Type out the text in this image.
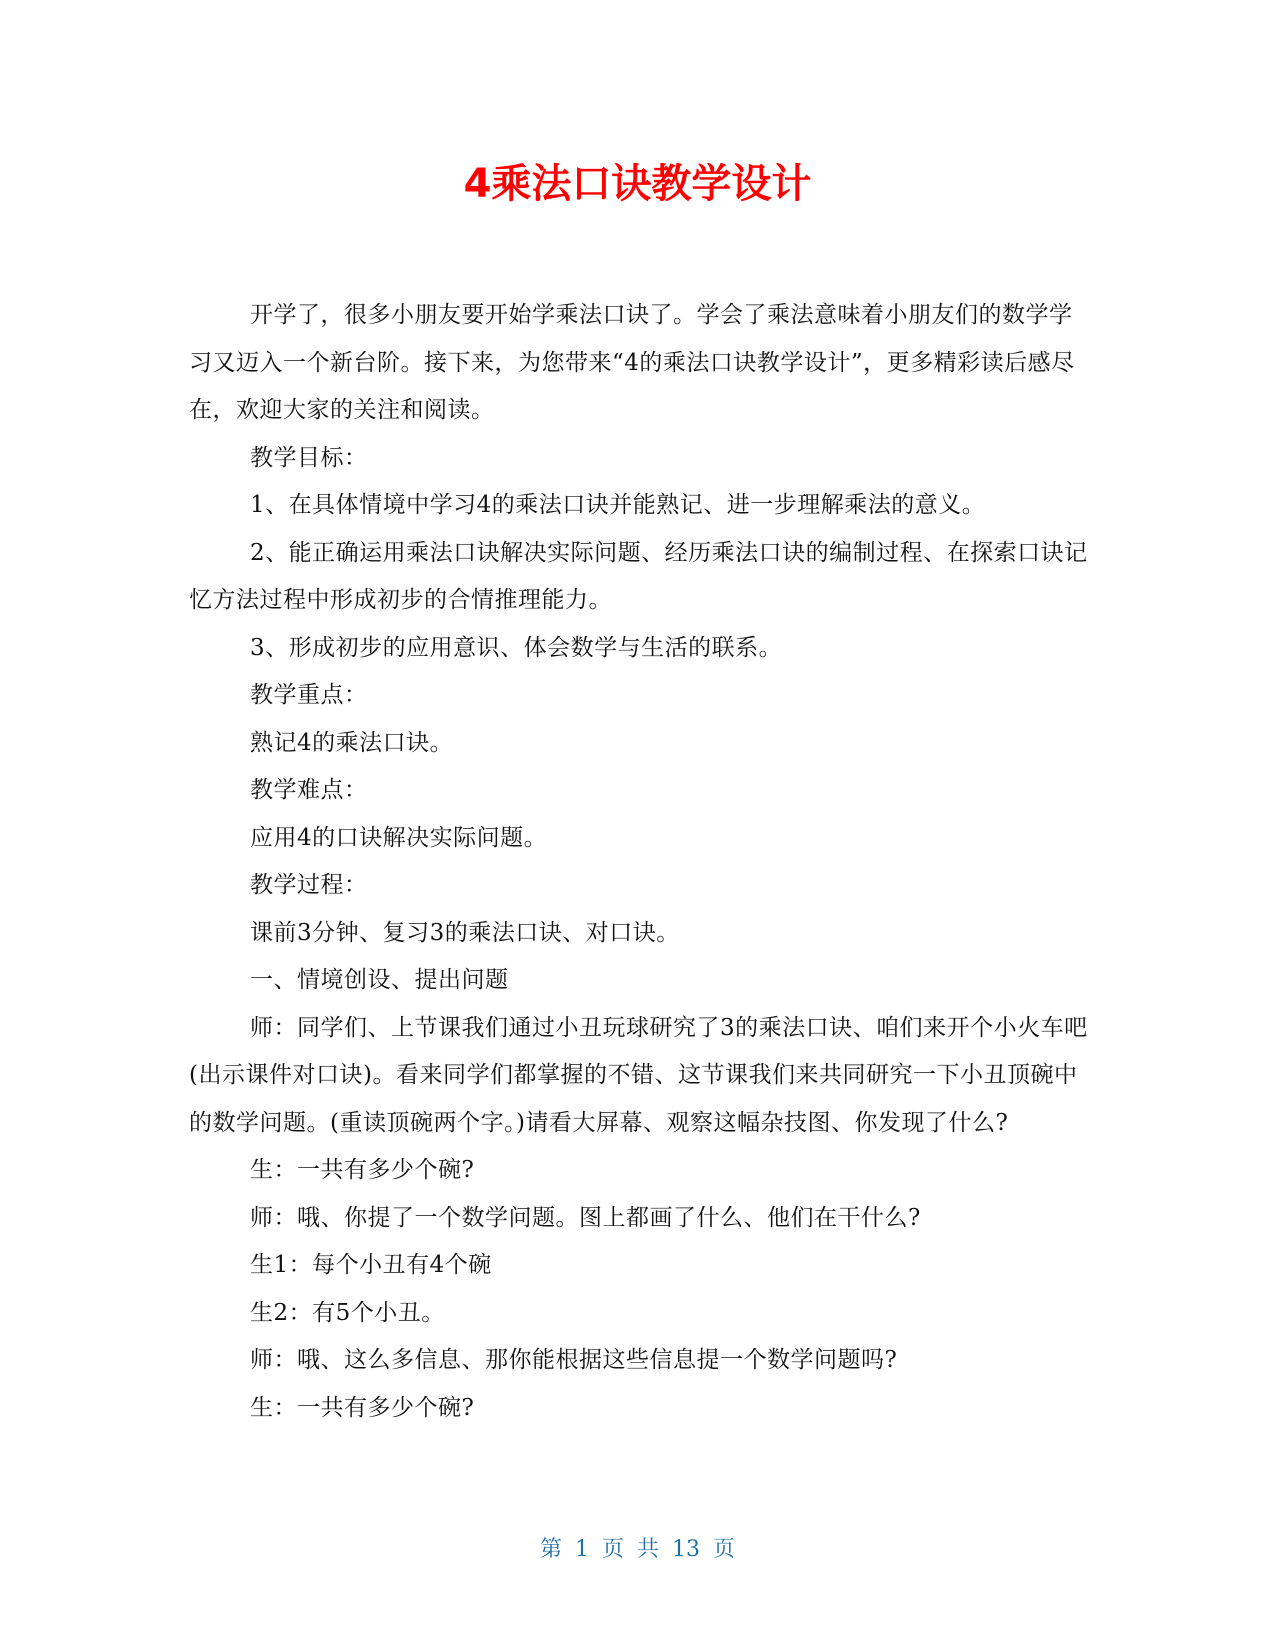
4乘法口诀教学设计

开学了，很多小朋友要开始学乘法口诀了。学会了乘法意味着小朋友们的数学学习又迈入一个新台阶。接下来，为您带来“4的乘法口诀教学设计”，更多精彩读后感尽在，欢迎大家的关注和阅读。

教学目标：

1、在具体情境中学习4的乘法口诀并能熟记、进一步理解乘法的意义。

2、能正确运用乘法口诀解决实际问题、经历乘法口诀的编制过程、在探索口诀记忆方法过程中形成初步的合情推理能力。

3、形成初步的应用意识、体会数学与生活的联系。

教学重点：

熟记4的乘法口诀。

教学难点：

应用4的口诀解决实际问题。

教学过程：

课前3分钟、复习3的乘法口诀、对口诀。

一、情境创设、提出问题

师：同学们、上节课我们通过小丑玩球研究了3的乘法口诀、咱们来开个小火车吧(出示课件对口诀)。看来同学们都掌握的不错、这节课我们来共同研究一下小丑顶碗中的数学问题。(重读顶碗两个字。)请看大屏幕、观察这幅杂技图、你发现了什么?

生：一共有多少个碗?

师：哦、你提了一个数学问题。图上都画了什么、他们在干什么?

生1：每个小丑有4个碗

生2：有5个小丑。

师：哦、这么多信息、那你能根据这些信息提一个数学问题吗?

生：一共有多少个碗?

第 1 页 共 13 页
